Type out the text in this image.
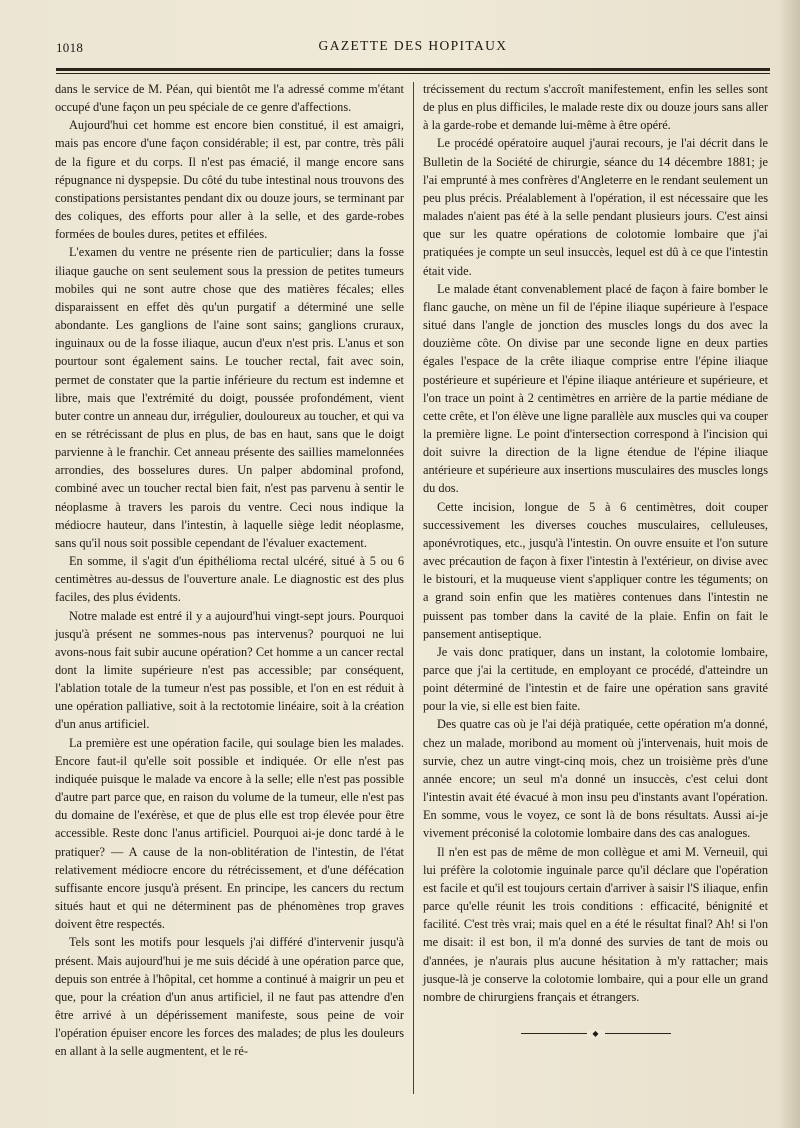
1018	GAZETTE DES HOPITAUX

dans le service de M. Péan, qui bientôt me l'a adressé comme m'étant occupé d'une façon un peu spéciale de ce genre d'affections.

Aujourd'hui cet homme est encore bien constitué, il est amaigri, mais pas encore d'une façon considérable; il est, par contre, très pâli de la figure et du corps. Il n'est pas émacié, il mange encore sans répugnance ni dyspepsie. Du côté du tube intestinal nous trouvons des constipations persistantes pendant dix ou douze jours, se terminant par des coliques, des efforts pour aller à la selle, et des garde-robes formées de boules dures, petites et effilées.

L'examen du ventre ne présente rien de particulier; dans la fosse iliaque gauche on sent seulement sous la pression de petites tumeurs mobiles qui ne sont autre chose que des matières fécales; elles disparaissent en effet dès qu'un purgatif a déterminé une selle abondante. Les ganglions de l'aine sont sains; ganglions cruraux, inguinaux ou de la fosse iliaque, aucun d'eux n'est pris. L'anus et son pourtour sont également sains. Le toucher rectal, fait avec soin, permet de constater que la partie inférieure du rectum est indemne et libre, mais que l'extrémité du doigt, poussée profondément, vient buter contre un anneau dur, irrégulier, douloureux au toucher, et qui va en se rétrécissant de plus en plus, de bas en haut, sans que le doigt parvienne à le franchir. Cet anneau présente des saillies mamelonnées arrondies, des bosselures dures. Un palper abdominal profond, combiné avec un toucher rectal bien fait, n'est pas parvenu à sentir le néoplasme à travers les parois du ventre. Ceci nous indique la médiocre hauteur, dans l'intestin, à laquelle siège ledit néoplasme, sans qu'il nous soit possible cependant de l'évaluer exactement.

En somme, il s'agit d'un épithélioma rectal ulcéré, situé à 5 ou 6 centimètres au-dessus de l'ouverture anale. Le diagnostic est des plus faciles, des plus évidents.

Notre malade est entré il y a aujourd'hui vingt-sept jours. Pourquoi jusqu'à présent ne sommes-nous pas intervenus? pourquoi ne lui avons-nous fait subir aucune opération? Cet homme a un cancer rectal dont la limite supérieure n'est pas accessible; par conséquent, l'ablation totale de la tumeur n'est pas possible, et l'on en est réduit à une opération palliative, soit à la rectotomie linéaire, soit à la création d'un anus artificiel.

La première est une opération facile, qui soulage bien les malades. Encore faut-il qu'elle soit possible et indiquée. Or elle n'est pas indiquée puisque le malade va encore à la selle; elle n'est pas possible d'autre part parce que, en raison du volume de la tumeur, elle n'est pas du domaine de l'exérèse, et que de plus elle est trop élevée pour être accessible. Reste donc l'anus artificiel. Pourquoi ai-je donc tardé à le pratiquer? — A cause de la non-oblitération de l'intestin, de l'état relativement médiocre encore du rétrécissement, et d'une défécation suffisante encore jusqu'à présent. En principe, les cancers du rectum situés haut et qui ne déterminent pas de phénomènes trop graves doivent être respectés.

Tels sont les motifs pour lesquels j'ai différé d'intervenir jusqu'à présent. Mais aujourd'hui je me suis décidé à une opération parce que, depuis son entrée à l'hôpital, cet homme a continué à maigrir un peu et que, pour la création d'un anus artificiel, il ne faut pas attendre d'en être arrivé à un dépérissement manifeste, sous peine de voir l'opération épuiser encore les forces des malades; de plus les douleurs en allant à la selle augmentent, et le ré-

trécissement du rectum s'accroît manifestement, enfin les selles sont de plus en plus difficiles, le malade reste dix ou douze jours sans aller à la garde-robe et demande lui-même à être opéré.

Le procédé opératoire auquel j'aurai recours, je l'ai décrit dans le Bulletin de la Société de chirurgie, séance du 14 décembre 1881; je l'ai emprunté à mes confrères d'Angleterre en le rendant seulement un peu plus précis. Préalablement à l'opération, il est nécessaire que les malades n'aient pas été à la selle pendant plusieurs jours. C'est ainsi que sur les quatre opérations de colotomie lombaire que j'ai pratiquées je compte un seul insuccès, lequel est dû à ce que l'intestin était vide.

Le malade étant convenablement placé de façon à faire bomber le flanc gauche, on mène un fil de l'épine iliaque supérieure à l'espace situé dans l'angle de jonction des muscles longs du dos avec la douzième côte. On divise par une seconde ligne en deux parties égales l'espace de la crête iliaque comprise entre l'épine iliaque postérieure et supérieure et l'épine iliaque antérieure et supérieure, et l'on trace un point à 2 centimètres en arrière de la partie médiane de cette crête, et l'on élève une ligne parallèle aux muscles qui va couper la première ligne. Le point d'intersection correspond à l'incision qui doit suivre la direction de la ligne étendue de l'épine iliaque antérieure et supérieure aux insertions musculaires des muscles longs du dos.

Cette incision, longue de 5 à 6 centimètres, doit couper successivement les diverses couches musculaires, celluleuses, aponévrotiques, etc., jusqu'à l'intestin. On ouvre ensuite et l'on suture avec précaution de façon à fixer l'intestin à l'extérieur, on divise avec le bistouri, et la muqueuse vient s'appliquer contre les téguments; on a grand soin enfin que les matières contenues dans l'intestin ne puissent pas tomber dans la cavité de la plaie. Enfin on fait le pansement antiseptique.

Je vais donc pratiquer, dans un instant, la colotomie lombaire, parce que j'ai la certitude, en employant ce procédé, d'atteindre un point déterminé de l'intestin et de faire une opération sans gravité pour la vie, si elle est bien faite.

Des quatre cas où je l'ai déjà pratiquée, cette opération m'a donné, chez un malade, moribond au moment où j'intervenais, huit mois de survie, chez un autre vingt-cinq mois, chez un troisième près d'une année encore; un seul m'a donné un insuccès, c'est celui dont l'intestin avait été évacué à mon insu peu d'instants avant l'opération. En somme, vous le voyez, ce sont là de bons résultats. Aussi ai-je vivement préconisé la colotomie lombaire dans des cas analogues.

Il n'en est pas de même de mon collègue et ami M. Verneuil, qui lui préfère la colotomie inguinale parce qu'il déclare que l'opération est facile et qu'il est toujours certain d'arriver à saisir l'S iliaque, enfin parce qu'elle réunit les trois conditions : efficacité, bénignité et facilité. C'est très vrai; mais quel en a été le résultat final? Ah! si l'on me disait: il est bon, il m'a donné des survies de tant de mois ou d'années, je n'aurais plus aucune hésitation à m'y rattacher; mais jusque-là je conserve la colotomie lombaire, qui a pour elle un grand nombre de chirurgiens français et étrangers.

◆
